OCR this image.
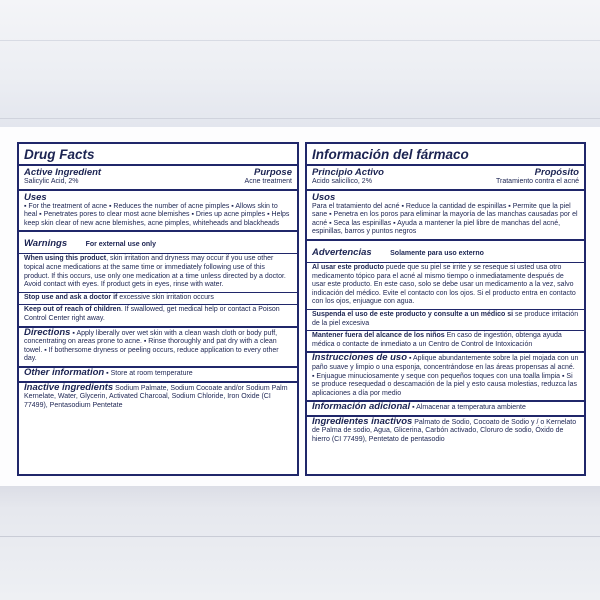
Drug Facts
Active Ingredient	Purpose
Salicylic Acid, 2%	Acne treatment
Uses
▪ For the treatment of acne ▪ Reduces the number of acne pimples ▪ Allows skin to heal ▪ Penetrates pores to clear most acne blemishes ▪ Dries up acne pimples ▪ Helps keep skin clear of new acne blemishes, acne pimples, whiteheads and blackheads
Warnings	For external use only
When using this product, skin irritation and dryness may occur if you use other topical acne medications at the same time or immediately following use of this product. If this occurs, use only one medication at a time unless directed by a doctor. Avoid contact with eyes. If product gets in eyes, rinse with water.
Stop use and ask a doctor if excessive skin irritation occurs
Keep out of reach of children. If swallowed, get medical help or contact a Poison Control Center right away.
Directions ▪ Apply liberally over wet skin with a clean wash cloth or body puff, concentrating on areas prone to acne. ▪ Rinse thoroughly and pat dry with a clean towel. ▪ If bothersome dryness or peeling occurs, reduce application to every other day.
Other information ▪ Store at room temperature
Inactive ingredients Sodium Palmate, Sodium Cocoate and/or Sodium Palm Kernelate, Water, Glycerin, Activated Charcoal, Sodium Chloride, Iron Oxide (CI 77499), Pentasodium Pentetate
Información del fármaco
Principio Activo	Propósito
Acido salicílico, 2%	Tratamiento contra el acné
Usos
Para el tratamiento del acné ▪ Reduce la cantidad de espinillas ▪ Permite que la piel sane ▪ Penetra en los poros para eliminar la mayoría de las manchas causadas por el acné ▪ Seca las espinillas ▪ Ayuda a mantener la piel libre de manchas del acné, espinillas, barros y puntos negros
Advertencias	Solamente para uso externo
Al usar este producto puede que su piel se irrite y se reseque si usted usa otro medicamento tópico para el acné al mismo tiempo o inmediatamente después de usar este producto. En este caso, solo se debe usar un medicamento a la vez, salvo indicación del médico. Evite el contacto con los ojos. Si el producto entra en contacto con los ojos, enjuague con agua.
Suspenda el uso de este producto y consulte a un médico si se produce irritación de la piel excesiva
Mantener fuera del alcance de los niños En caso de ingestión, obtenga ayuda médica o contacte de inmediato a un Centro de Control de Intoxicación
Instrucciones de uso ▪ Aplique abundantemente sobre la piel mojada con un paño suave y limpio o una esponja, concentrándose en las áreas propensas al acné. ▪ Enjuague minuciosamente y seque con pequeños toques con una toalla limpia ▪ Si se produce resequedad o descamación de la piel y esto causa molestias, reduzca las aplicaciones a día por medio
Información adicional ▪ Almacenar a temperatura ambiente
Ingredientes inactivos Palmato de Sodio, Cocoato de Sodio y / o Kernelato de Palma de sodio, Agua, Glicerina, Carbón activado, Cloruro de sodio, Óxido de hierro (CI 77499), Pentetato de pentasodio
